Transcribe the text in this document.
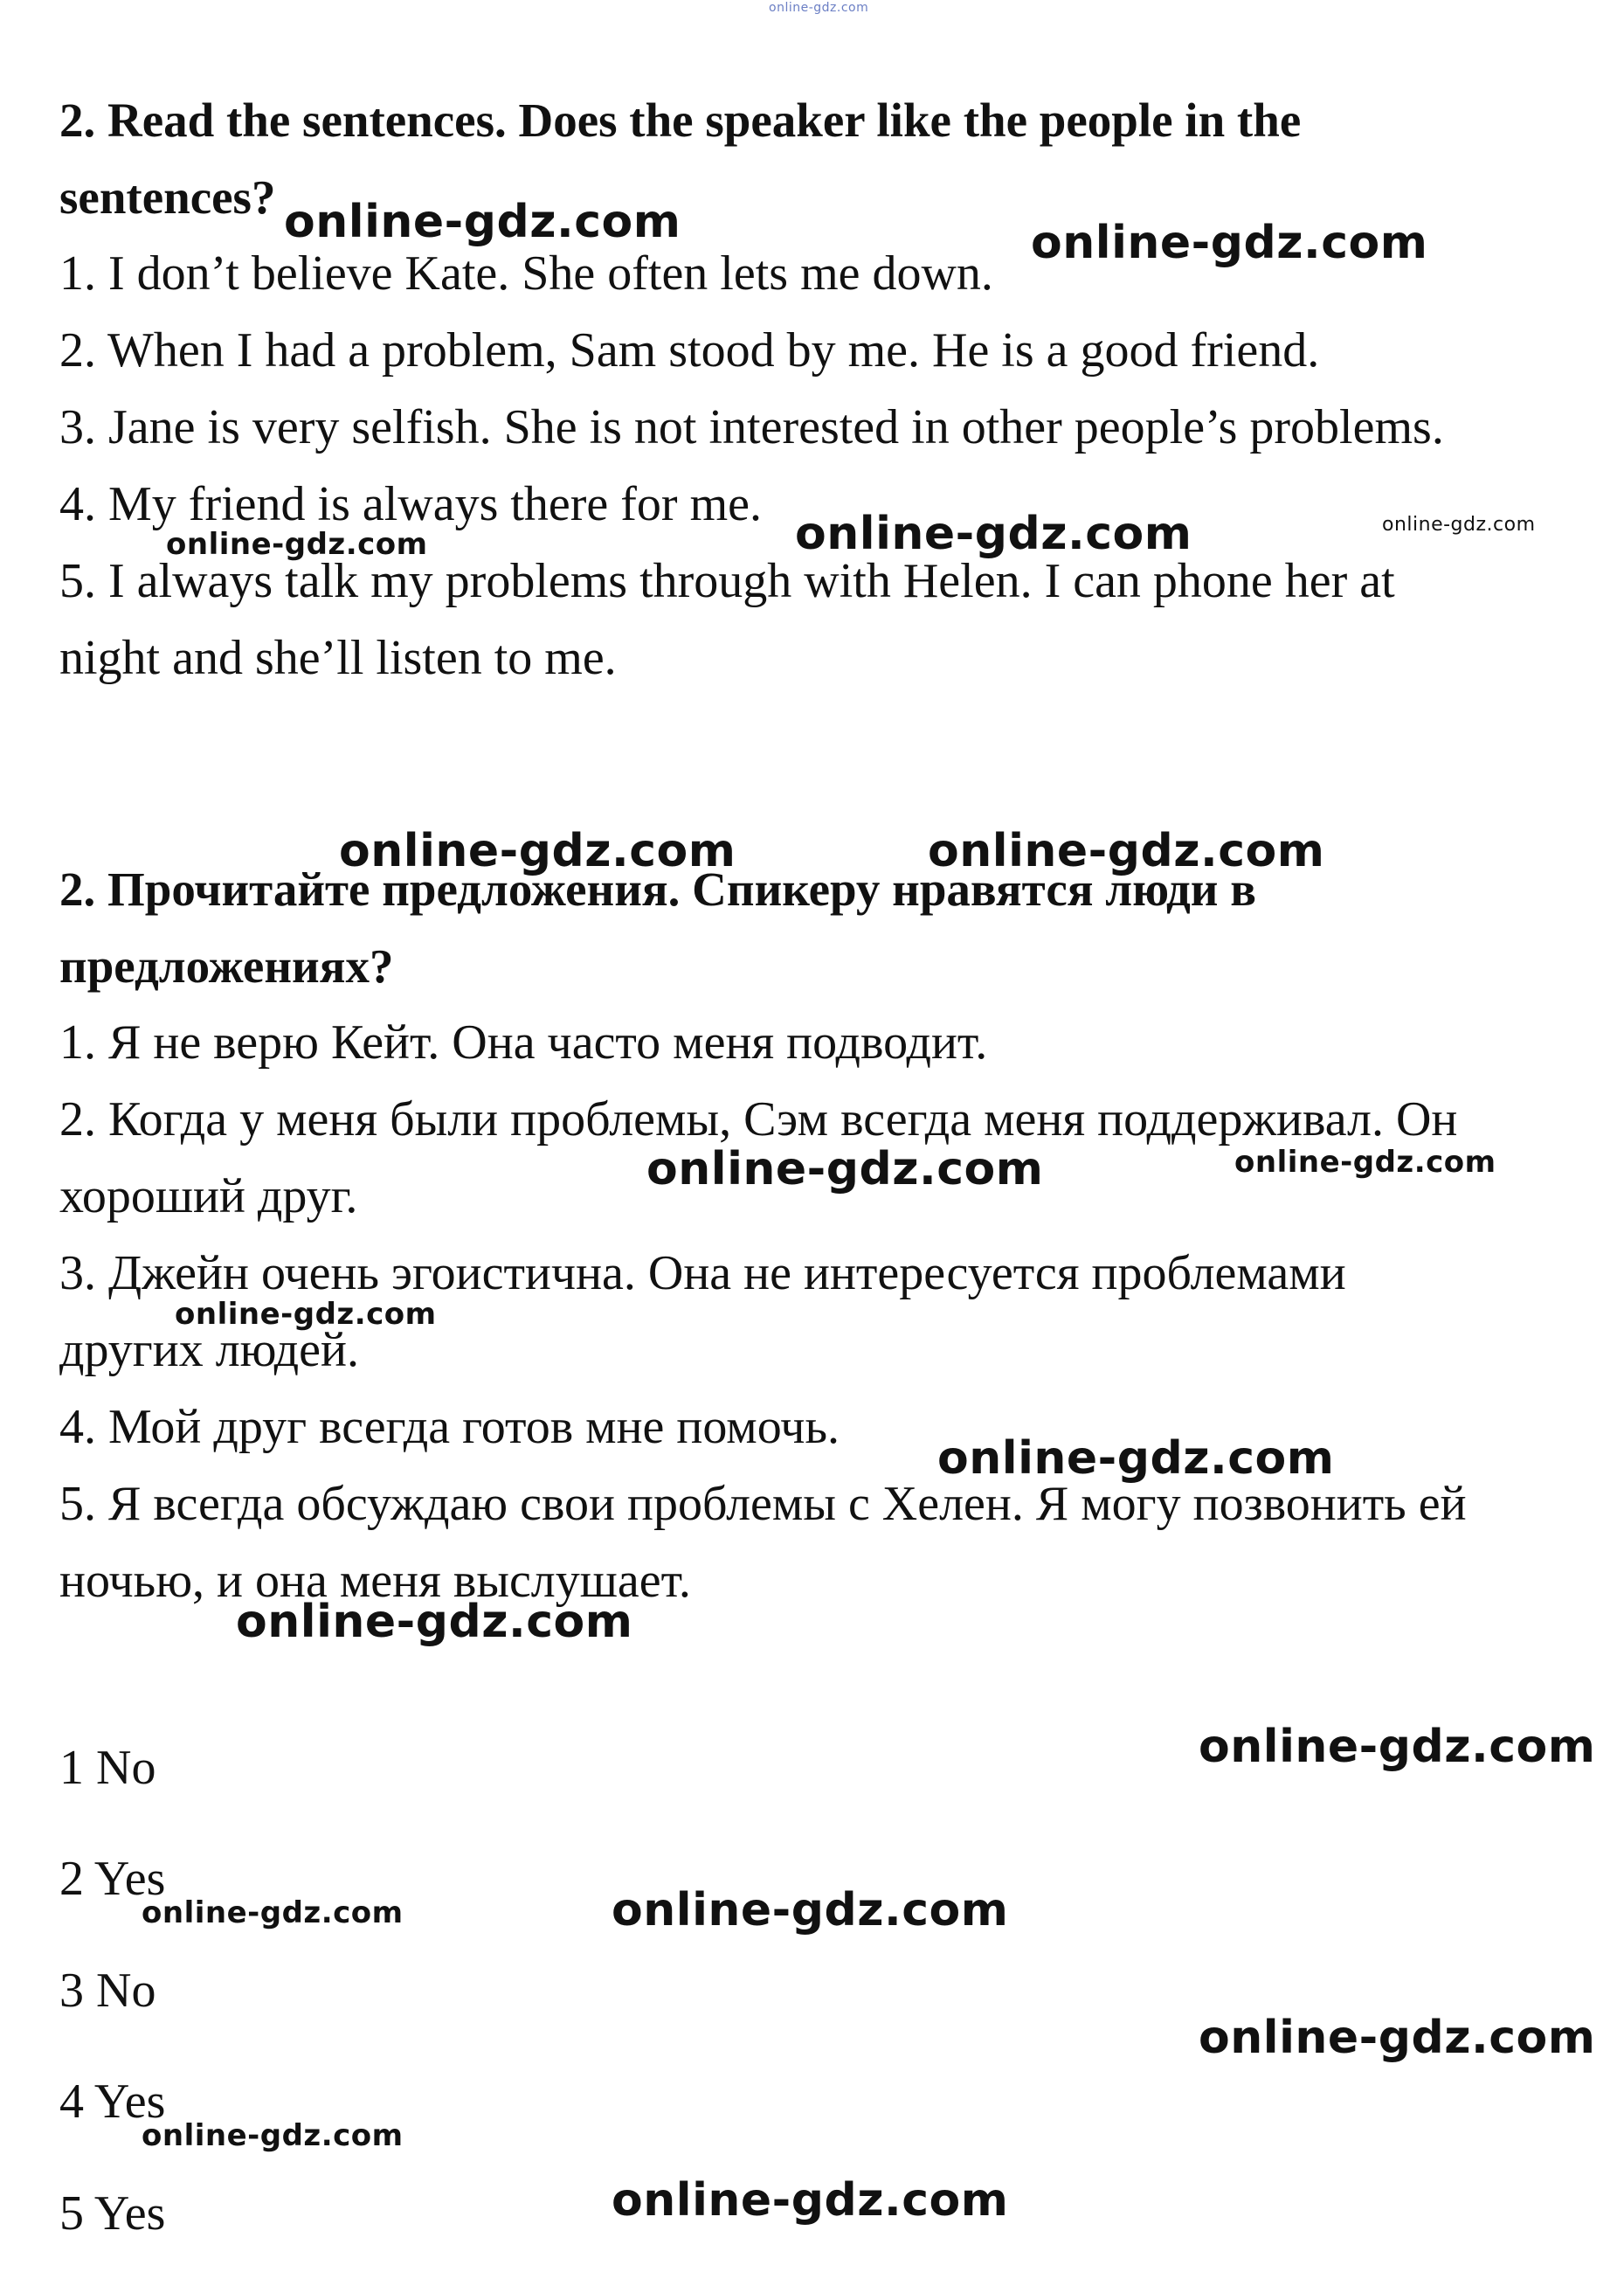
online-gdz.com
2. Read the sentences. Does the speaker like the people in the
sentences?
1. I don’t believe Kate. She often lets me down.
2. When I had a problem, Sam stood by me. He is a good friend.
3. Jane is very selfish. She is not interested in other people’s problems.
4. My friend is always there for me.
5. I always talk my problems through with Helen. I can phone her at
night and she’ll listen to me.
2. Прочитайте предложения. Спикеру нравятся люди в
предложениях?
1. Я не верю Кейт. Она часто меня подводит.
2. Когда у меня были проблемы, Сэм всегда меня поддерживал. Он
хороший друг.
3. Джейн очень эгоистична. Она не интересуется проблемами
других людей.
4. Мой друг всегда готов мне помочь.
5. Я всегда обсуждаю свои проблемы с Хелен. Я могу позвонить ей
ночью, и она меня выслушает.
1 No
2 Yes
3 No
4 Yes
5 Yes
online-gdz.com	online-gdz.com
online-gdz.com	online-gdz.com	online-gdz.com
online-gdz.com	online-gdz.com
online-gdz.com	online-gdz.com
online-gdz.com
online-gdz.com
online-gdz.com
online-gdz.com
online-gdz.com	online-gdz.com
online-gdz.com
online-gdz.com
online-gdz.com
